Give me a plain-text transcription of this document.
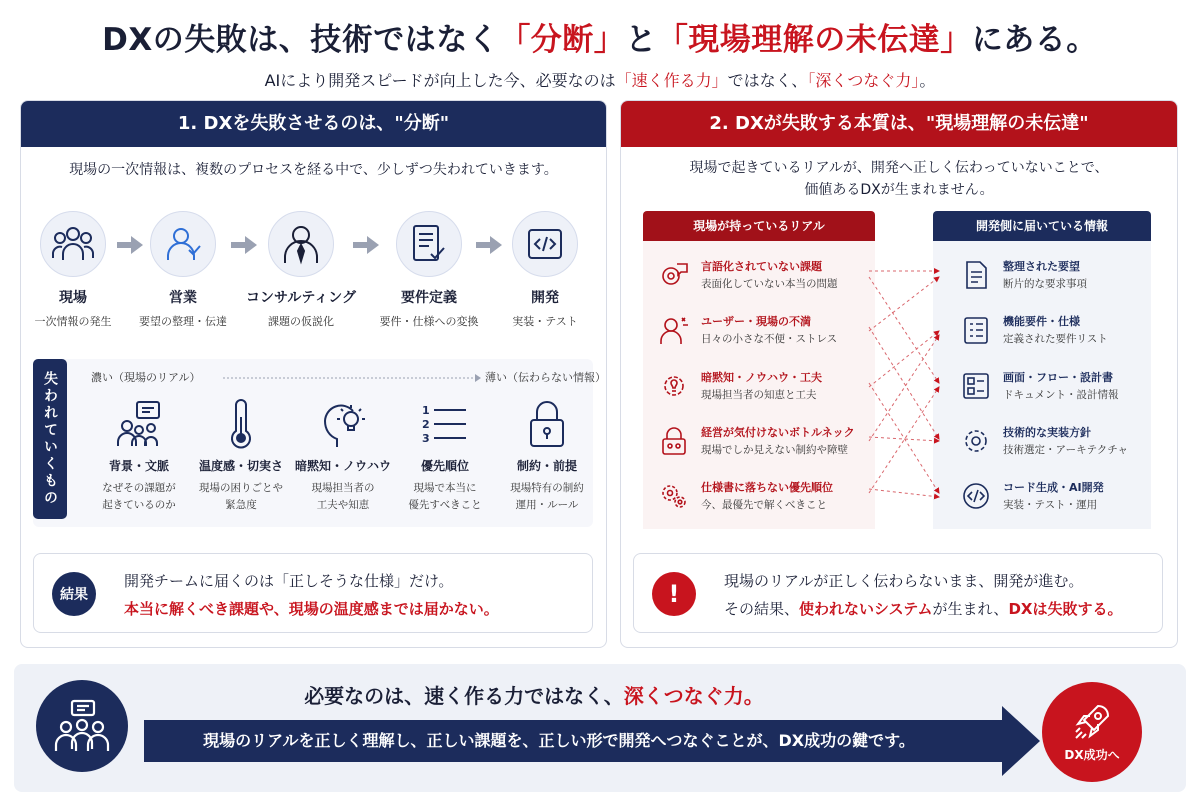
DXの失敗は、技術ではなく「分断」と「現場理解の未伝達」にある。
AIにより開発スピードが向上した今、必要なのは「速く作る力」ではなく、「深くつなぐ力」。
1. DXを失敗させるのは、"分断"
現場の一次情報は、複数のプロセスを経る中で、少しずつ失われていきます。
現場
一次情報の発生
営業
要望の整理・伝達
コンサルティング
課題の仮説化
要件定義
要件・仕様への変換
開発
実装・テスト
失われていくもの	濃い（現場のリアル）	薄い（伝わらない情報）
背景・文脈
なぜその課題が
起きているのか
温度感・切実さ
現場の困りごとや
緊急度
暗黙知・ノウハウ
現場担当者の
工夫や知恵
1
2
3
優先順位
現場で本当に
優先すべきこと
制約・前提
現場特有の制約
運用・ルール
結果
開発チームに届くのは「正しそうな仕様」だけ。
本当に解くべき課題や、現場の温度感までは届かない。
2. DXが失敗する本質は、"現場理解の未伝達"
現場で起きているリアルが、開発へ正しく伝わっていないことで、
価値あるDXが生まれません。
現場が持っているリアル	開発側に届いている情報
言語化されていない課題
表面化していない本当の問題
ユーザー・現場の不満
日々の小さな不便・ストレス
暗黙知・ノウハウ・工夫
現場担当者の知恵と工夫
経営が気付けないボトルネック
現場でしか見えない制約や障壁
仕様書に落ちない優先順位
今、最優先で解くべきこと
整理された要望
断片的な要求事項
機能要件・仕様
定義された要件リスト
画面・フロー・設計書
ドキュメント・設計情報
技術的な実装方針
技術選定・アーキテクチャ
コード生成・AI開発
実装・テスト・運用
!	現場のリアルが正しく伝わらないまま、開発が進む。
その結果、使われないシステムが生まれ、DXは失敗する。
必要なのは、速く作る力ではなく、深くつなぐ力。
現場のリアルを正しく理解し、正しい課題を、正しい形で開発へつなぐことが、DX成功の鍵です。
DX成功へ
